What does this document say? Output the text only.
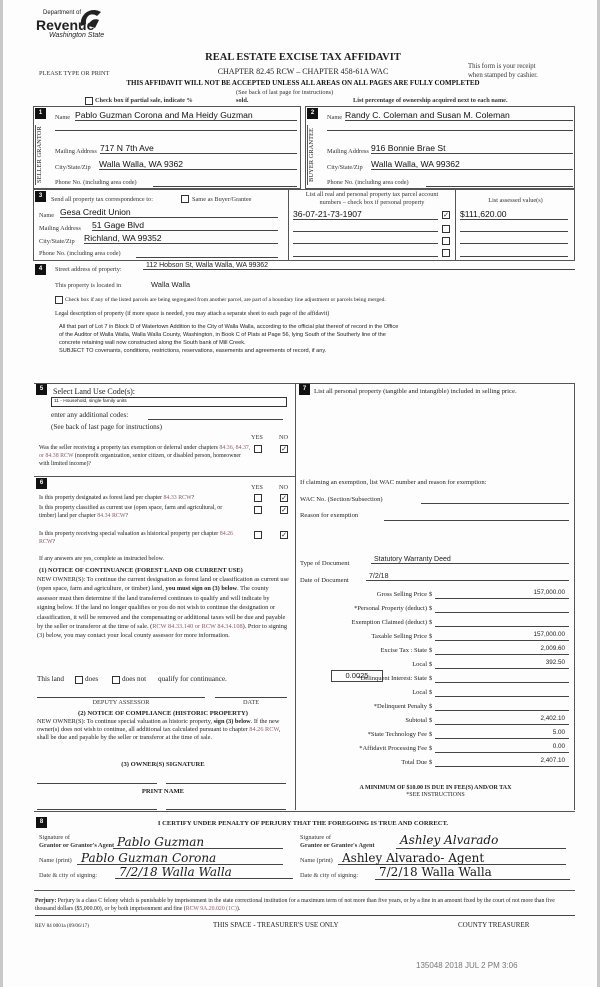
Department of
Revenue
Washington State
REAL ESTATE EXCISE TAX AFFIDAVIT
PLEASE TYPE OR PRINT	CHAPTER 82.45 RCW – CHAPTER 458-61A WAC
This form is your receipt
when stamped by cashier.
THIS AFFIDAVIT WILL NOT BE ACCEPTED UNLESS ALL AREAS ON ALL PAGES ARE FULLY COMPLETED
(See back of last page for instructions)
Check box if partial sale, indicate %	sold.	List percentage of ownership acquired next to each name.
1
SELLER GRANTOR
Name Pablo Guzman Corona and Ma Heidy Guzman
Mailing Address 717 N 7th Ave
City/State/Zip Walla Walla, WA 9362
Phone No. (including area code)
2
BUYER GRANTEE
Name Randy C. Coleman and Susan M. Coleman
Mailing Address 916 Bonnie Brae St
City/State/Zip Walla Walla, WA 99362
Phone No. (including area code)
3	Send all property tax correspondence to:	Same as Buyer/Grantee
Name Gesa Credit Union
Mailing Address 51 Gage Blvd
City/State/Zip Richland, WA 99352
Phone No. (including area code)
List all real and personal property tax parcel account
numbers – check box if personal property	List assessed value(s)
36-07-21-73-1907	✓ $111,620.00
4	Street address of property:
112 Hobson St, Walla Walla, WA 99362
This property is located in	Walla Walla
Check box if any of the listed parcels are being segregated from another parcel, are part of a boundary line adjustment or parcels being merged.
Legal description of property (if more space is needed, you may attach a separate sheet to each page of the affidavit)
All that part of Lot 7 in Block D of Watertown Addition to the City of Walla Walla, according to the official plat thereof of record in the Office
of the Auditor of Walla Walla, Walla Walla County, Washington, in Book C of Plats at Page 56, lying South of the Southerly line of the
concrete retaining wall now constructed along the South bank of Mill Creek.
SUBJECT TO covenants, conditions, restrictions, reservations, easements and agreements of record, if any.
5	Select Land Use Code(s):
11 - Household, single family units
enter any additional codes:
(See back of last page for instructions)
YES	NO
Was the seller receiving a property tax exemption or deferral under chapters 84.36, 84.37, or 84.38 RCW (nonprofit organization, senior citizen, or disabled person, homeowner with limited income)?
✓
6
YES	NO
Is this property designated as forest land per chapter 84.33 RCW?	✓
Is this property classified as current use (open space, farm and agricultural, or timber) land per chapter 84.34 RCW?
✓
Is this property receiving special valuation as historical property per chapter 84.26 RCW?
✓
If any answers are yes, complete as instructed below.
(1) NOTICE OF CONTINUANCE (FOREST LAND OR CURRENT USE)
NEW OWNER(S): To continue the current designation as forest land or classification as current use (open space, farm and agriculture, or timber) land, you must sign on (3) below. The county assessor must then determine if the land transferred continues to qualify and will indicate by signing below. If the land no longer qualifies or you do not wish to continue the designation or classification, it will be removed and the compensating or additional taxes will be due and payable by the seller or transferor at the time of sale. (RCW 84.33.140 or RCW 84.34.108). Prior to signing (3) below, you may contact your local county assessor for more information.
This land	does	does not qualify for continuance.
DEPUTY ASSESSOR	DATE
(2) NOTICE OF COMPLIANCE (HISTORIC PROPERTY)
NEW OWNER(S): To continue special valuation as historic property, sign (3) below. If the new owner(s) does not wish to continue, all additional tax calculated pursuant to chapter 84.26 RCW, shall be due and payable by the seller or transferor at the time of sale.
(3) OWNER(S) SIGNATURE
PRINT NAME
7	List all personal property (tangible and intangible) included in selling price.
If claiming an exemption, list WAC number and reason for exemption:
WAC No. (Section/Subsection)
Reason for exemption
Type of Document
Statutory Warranty Deed
Date of Document
7/2/18
0.0025
Gross Selling Price $	157,000.00
*Personal Property (deduct) $
Exemption Claimed (deduct) $
Taxable Selling Price $	157,000.00
Excise Tax : State $	2,009.60
Local $	392.50
*Delinquent Interest: State $
Local $
*Delinquent Penalty $
Subtotal $	2,402.10
*State Technology Fee $	5.00
*Affidavit Processing Fee $	0.00
Total Due $	2,407.10
A MINIMUM OF $10.00 IS DUE IN FEE(S) AND/OR TAX
*SEE INSTRUCTIONS
8	I CERTIFY UNDER PENALTY OF PERJURY THAT THE FOREGOING IS TRUE AND CORRECT.
Signature of
Grantor or Grantor's Agent Pablo Guzman
Name (print) Pablo Guzman Corona
Date & city of signing:	7/2/18 Walla Walla
Signature of
Grantee or Grantee's Agent	Ashley Alvarado
Name (print) Ashley Alvarado- Agent
Date & city of signing:	7/2/18 Walla Walla
Perjury: Perjury is a class C felony which is punishable by imprisonment in the state correctional institution for a maximum term of not more than five years, or by a fine in an amount fixed by the court of not more than five thousand dollars ($5,000.00), or by both imprisonment and fine (RCW 9A.20.020 (1C)).
REV 84 0001a (09/06/17)	THIS SPACE - TREASURER'S USE ONLY	COUNTY TREASURER
135048 2018 JUL 2 PM 3:06
